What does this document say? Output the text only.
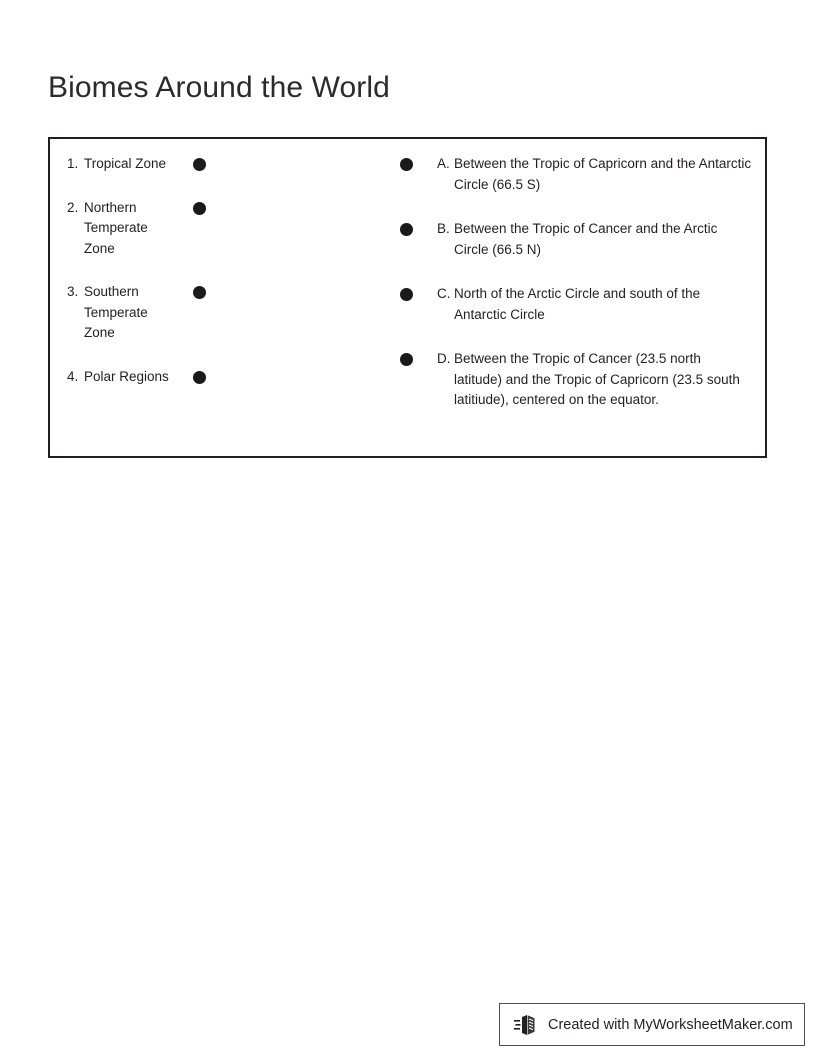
Biomes Around the World
1. Tropical Zone
2. Northern Temperate Zone
3. Southern Temperate Zone
4. Polar Regions
A. Between the Tropic of Capricorn and the Antarctic Circle (66.5 S)
B. Between the Tropic of Cancer and the Arctic Circle (66.5 N)
C. North of the Arctic Circle and south of the Antarctic Circle
D. Between the Tropic of Cancer (23.5 north latitude) and the Tropic of Capricorn (23.5 south latitiude), centered on the equator.
Created with MyWorksheetMaker.com
